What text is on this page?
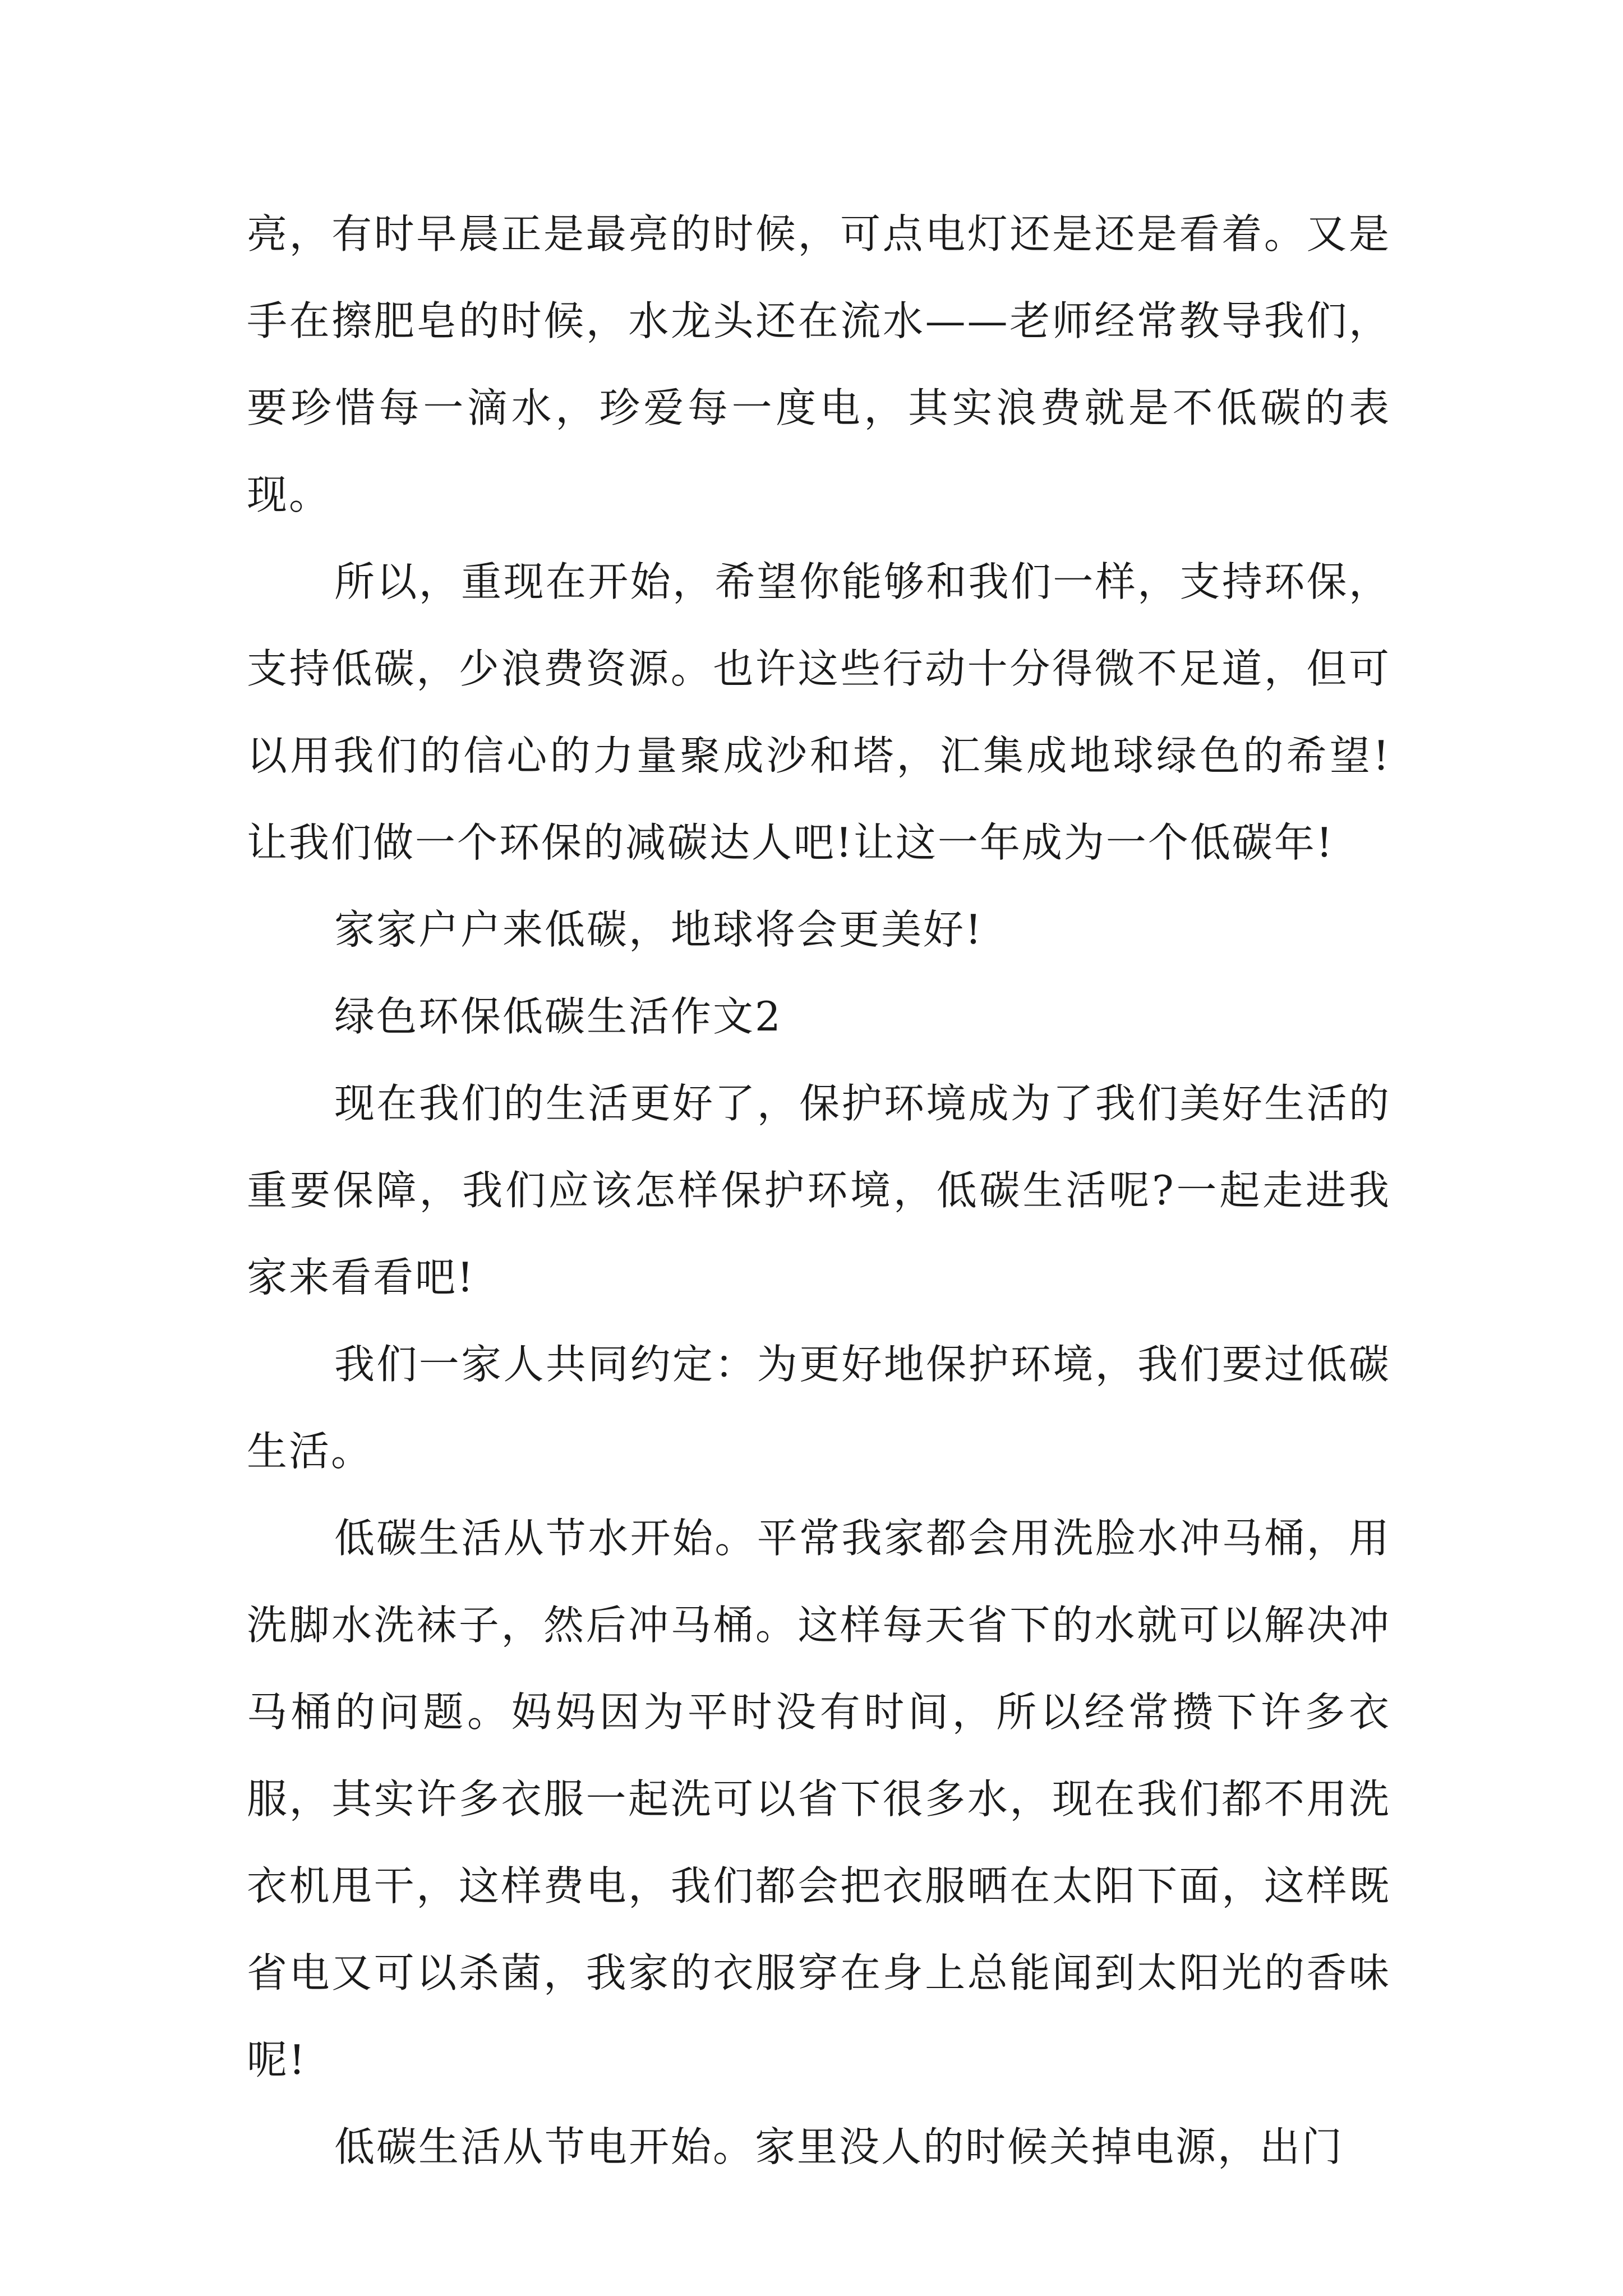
亮，有时早晨正是最亮的时候，可点电灯还是还是看着。又是手在擦肥皂的时候，水龙头还在流水——老师经常教导我们，要珍惜每一滴水，珍爱每一度电，其实浪费就是不低碳的表现。

所以，重现在开始，希望你能够和我们一样，支持环保，支持低碳，少浪费资源。也许这些行动十分得微不足道，但可以用我们的信心的力量聚成沙和塔，汇集成地球绿色的希望!让我们做一个环保的减碳达人吧!让这一年成为一个低碳年!

家家户户来低碳，地球将会更美好!

绿色环保低碳生活作文2

现在我们的生活更好了，保护环境成为了我们美好生活的重要保障，我们应该怎样保护环境，低碳生活呢?一起走进我家来看看吧!

我们一家人共同约定：为更好地保护环境，我们要过低碳生活。

低碳生活从节水开始。平常我家都会用洗脸水冲马桶，用洗脚水洗袜子，然后冲马桶。这样每天省下的水就可以解决冲马桶的问题。妈妈因为平时没有时间，所以经常攒下许多衣服，其实许多衣服一起洗可以省下很多水，现在我们都不用洗衣机甩干，这样费电，我们都会把衣服晒在太阳下面，这样既省电又可以杀菌，我家的衣服穿在身上总能闻到太阳光的香味呢!

低碳生活从节电开始。家里没人的时候关掉电源，出门
